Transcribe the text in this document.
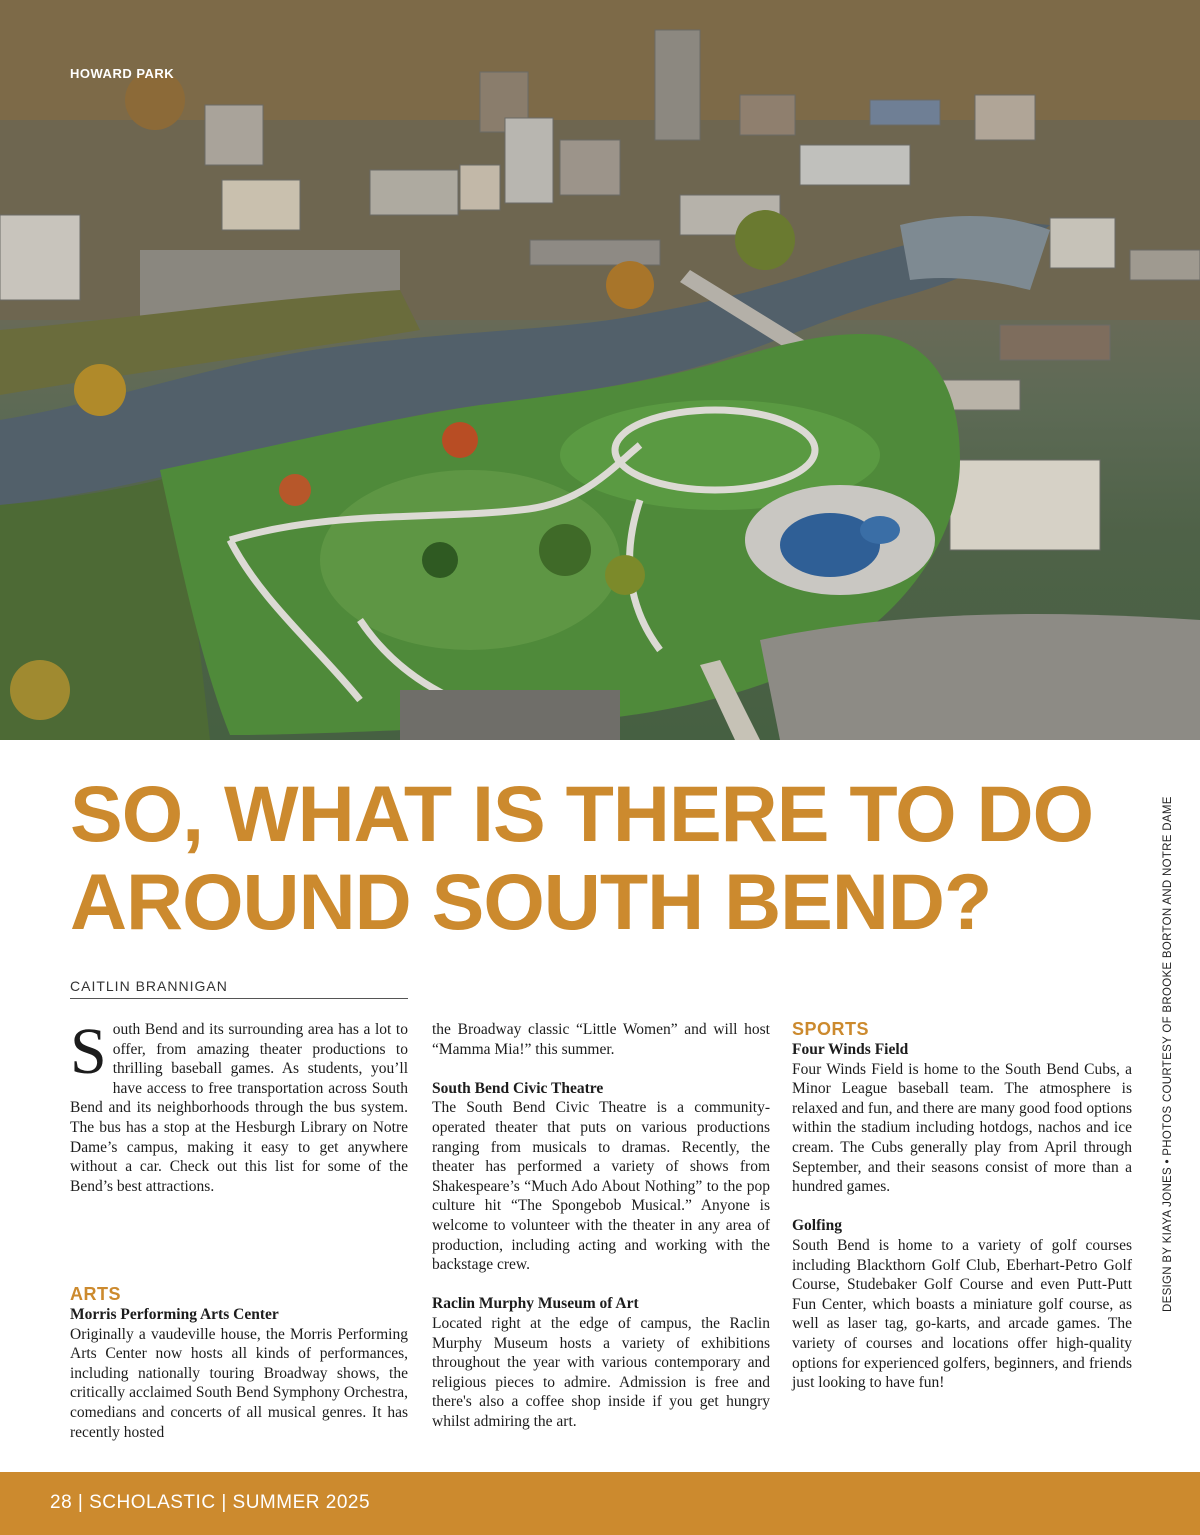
HOWARD PARK
SO, WHAT IS THERE TO DO
AROUND SOUTH BEND?
CAITLIN BRANNIGAN

South Bend and its surrounding area has a lot to offer, from amazing theater productions to thrilling baseball games. As students, you’ll have access to free transportation across South Bend and its neighborhoods through the bus system. The bus has a stop at the Hesburgh Library on Notre Dame’s campus, making it easy to get anywhere without a car. Check out this list for some of the Bend’s best attractions.

ARTS

Morris Performing Arts Center

Originally a vaudeville house, the Morris Performing Arts Center now hosts all kinds of performances, including nationally touring Broadway shows, the critically acclaimed South Bend Symphony Orchestra, comedians and concerts of all musical genres. It has recently hosted

the Broadway classic “Little Women” and will host “Mamma Mia!” this summer.

South Bend Civic Theatre

The South Bend Civic Theatre is a community-operated theater that puts on various productions ranging from musicals to dramas. Recently, the theater has performed a variety of shows from Shakespeare’s “Much Ado About Nothing” to the pop culture hit “The Spongebob Musical.” Anyone is welcome to volunteer with the theater in any area of production, including acting and working with the backstage crew.

Raclin Murphy Museum of Art

Located right at the edge of campus, the Raclin Murphy Museum hosts a variety of exhibitions throughout the year with various contemporary and religious pieces to admire. Admission is free and there's also a coffee shop inside if you get hungry whilst admiring the art.

SPORTS

Four Winds Field

Four Winds Field is home to the South Bend Cubs, a Minor League baseball team. The atmosphere is relaxed and fun, and there are many good food options within the stadium including hotdogs, nachos and ice cream. The Cubs generally play from April through September, and their seasons consist of more than a hundred games.

Golfing

South Bend is home to a variety of golf courses including Blackthorn Golf Club, Eberhart-Petro Golf Course, Studebaker Golf Course and even Putt-Putt Fun Center, which boasts a miniature golf course, as well as laser tag, go-karts, and arcade games. The variety of courses and locations offer high-quality options for experienced golfers, beginners, and friends just looking to have fun!

DESIGN BY KIAYA JONES • PHOTOS COURTESY OF BROOKE BORTON AND NOTRE DAME
28 | SCHOLASTIC | SUMMER 2025
